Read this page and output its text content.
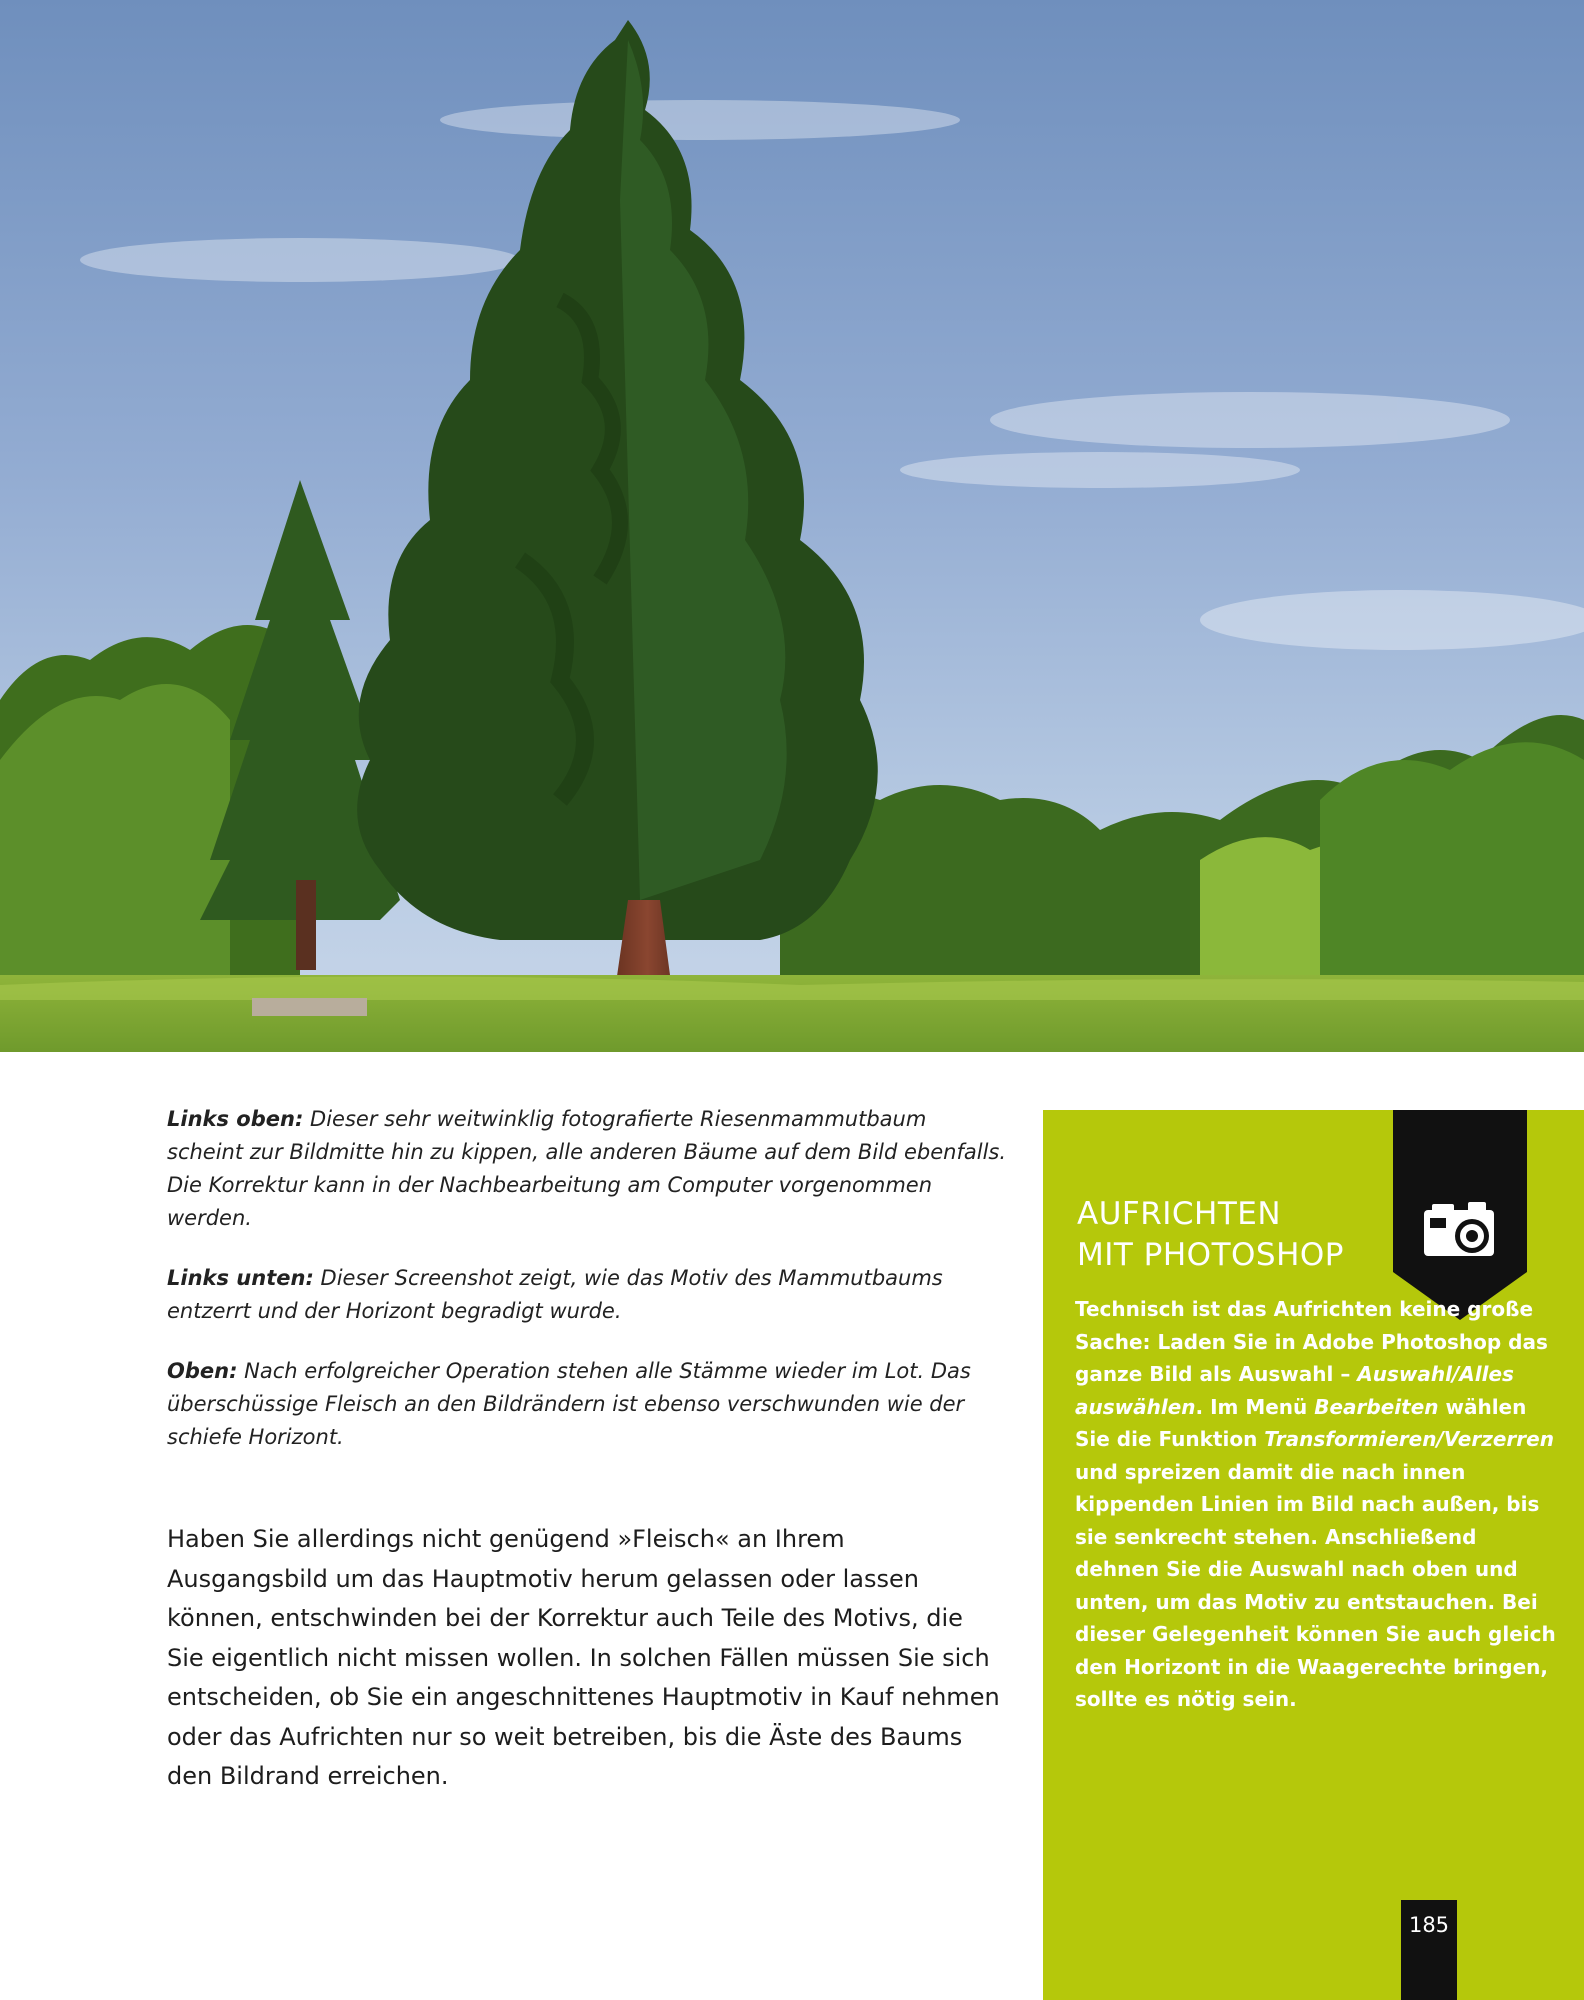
Links oben: Dieser sehr weitwinklig fotografierte Riesenmammutbaum scheint zur Bildmitte hin zu kippen, alle anderen Bäume auf dem Bild ebenfalls. Die Korrektur kann in der Nachbearbeitung am Computer vorgenommen werden.

Links unten: Dieser Screenshot zeigt, wie das Motiv des Mammutbaums entzerrt und der Horizont begradigt wurde.

Oben: Nach erfolgreicher Operation stehen alle Stämme wieder im Lot. Das überschüssige Fleisch an den Bildrändern ist ebenso verschwunden wie der schiefe Horizont.

Haben Sie allerdings nicht genügend »Fleisch« an Ihrem Ausgangsbild um das Hauptmotiv herum gelassen oder lassen können, entschwinden bei der Korrektur auch Teile des Motivs, die Sie eigentlich nicht missen wollen. In solchen Fällen müssen Sie sich entscheiden, ob Sie ein angeschnittenes Hauptmotiv in Kauf nehmen oder das Aufrichten nur so weit betreiben, bis die Äste des Baums den Bildrand erreichen.

AUFRICHTEN
MIT PHOTOSHOP

Technisch ist das Aufrichten keine große Sache: Laden Sie in Adobe Photoshop das ganze Bild als Auswahl – Auswahl/Alles auswählen. Im Menü Bearbeiten wählen Sie die Funktion Transformieren/Verzerren und spreizen damit die nach innen kippenden Linien im Bild nach außen, bis sie senkrecht stehen. Anschließend dehnen Sie die Auswahl nach oben und unten, um das Motiv zu entstauchen. Bei dieser Gelegenheit können Sie auch gleich den Horizont in die Waagerechte bringen, sollte es nötig sein.

185
